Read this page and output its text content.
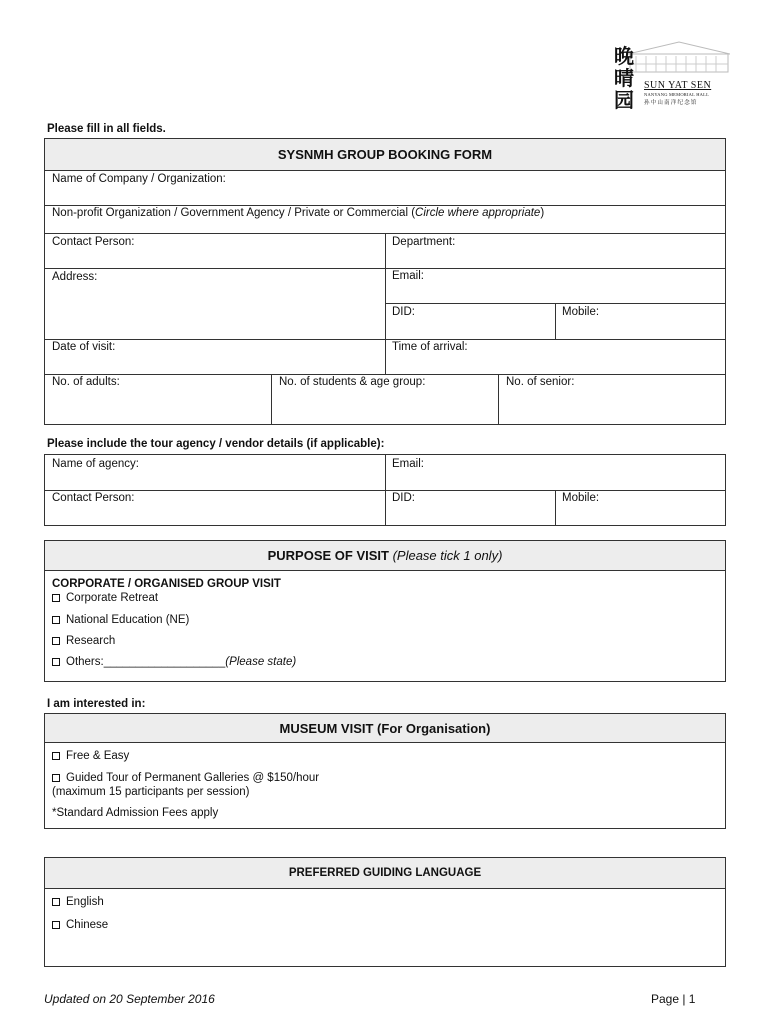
晚
晴
园
SUN YAT SEN
NANYANG MEMORIAL HALL
孙中山南洋纪念馆
Please fill in all fields.
SYSNMH GROUP BOOKING FORM
Name of Company / Organization:
Non-profit Organization / Government Agency / Private or Commercial (Circle where appropriate)
Contact Person:	Department:
Address:	Email:
DID:	Mobile:
Date of visit:	Time of arrival:
No. of adults:	No. of students & age group:	No. of senior:
Please include the tour agency / vendor details (if applicable):
Name of agency:	Email:
Contact Person:	DID:	Mobile:
PURPOSE OF VISIT (Please tick 1 only)
CORPORATE / ORGANISED GROUP VISIT
Corporate Retreat
National Education (NE)
Research
Others:___________________(Please state)
I am interested in:
MUSEUM VISIT (For Organisation)
Free & Easy
Guided Tour of Permanent Galleries @ $150/hour
(maximum 15 participants per session)
*Standard Admission Fees apply
PREFERRED GUIDING LANGUAGE
English
Chinese
Updated on 20 September 2016	Page | 1
